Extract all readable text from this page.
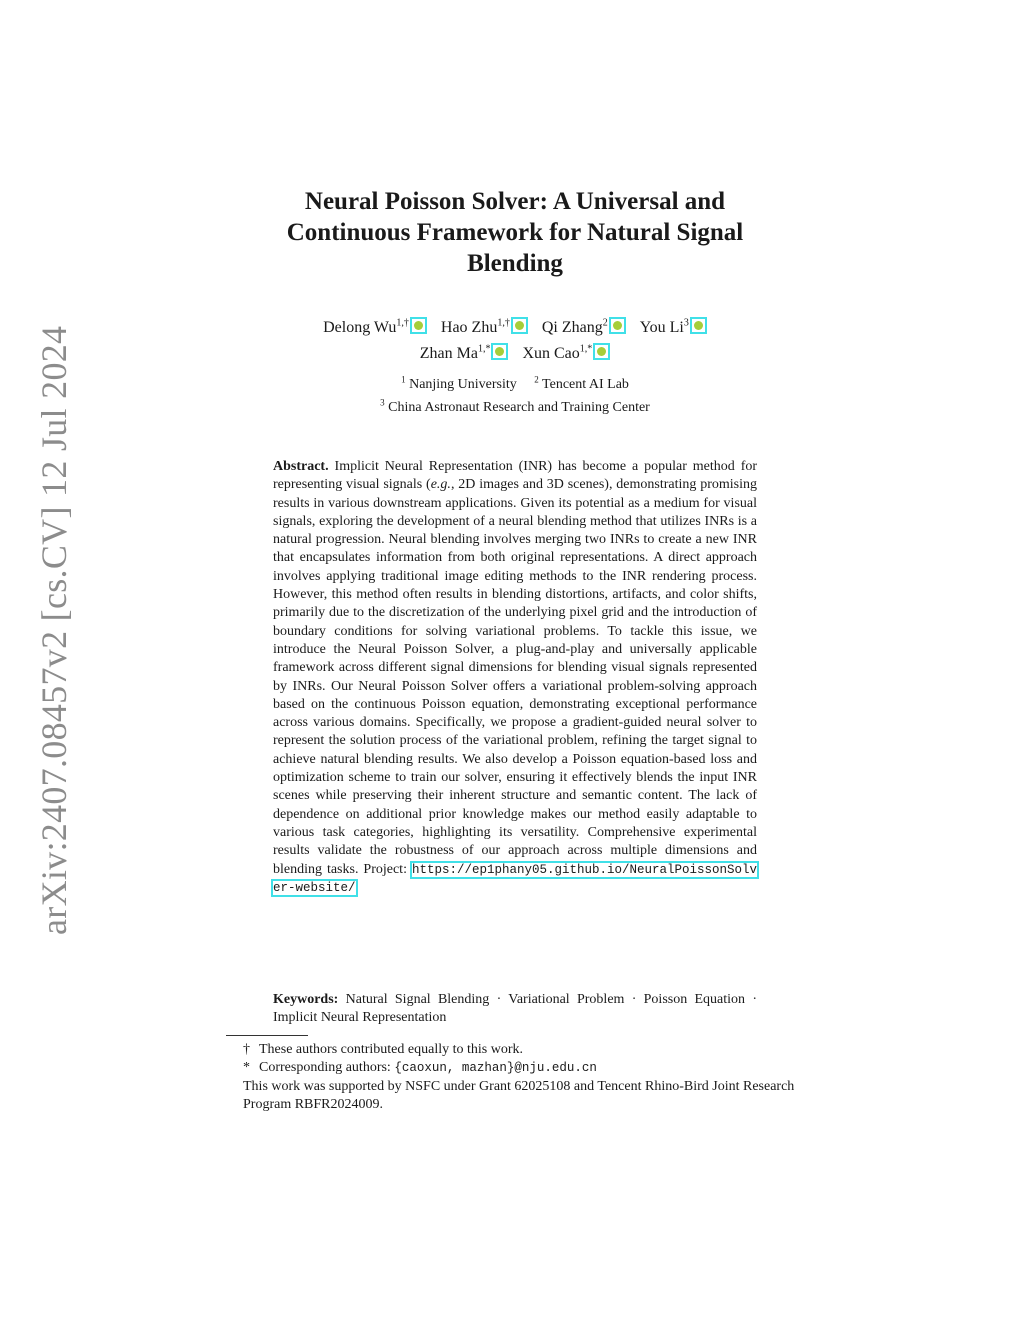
arXiv:2407.08457v2 [cs.CV] 12 Jul 2024
Neural Poisson Solver: A Universal and Continuous Framework for Natural Signal Blending
Delong $Wu^{1,\dagger}$ Hao Zhu$^{1,\dagger}$ Qi Zhang$^2$ You Li$^3$
Zhan $Ma^{1,*}$ Xun Cao$^{1,*}$
$^1$ Nanjing University $^2$ Tencent AI Lab
$^3$ China Astronaut Research and Training Center
Abstract. Implicit Neural Representation (INR) has become a popular method for representing visual signals (e.g., 2D images and 3D scenes), demonstrating promising results in various downstream applications. Given its potential as a medium for visual signals, exploring the development of a neural blending method that utilizes INRs is a natural progression. Neural blending involves merging two INRs to create a new INR that encapsulates information from both original representations. A direct approach involves applying traditional image editing methods to the INR rendering process. However, this method often results in blending distortions, artifacts, and color shifts, primarily due to the discretization of the underlying pixel grid and the introduction of boundary conditions for solving variational problems. To tackle this issue, we introduce the Neural Poisson Solver, a plug-and-play and universally applicable framework across different signal dimensions for blending visual signals represented by INRs. Our Neural Poisson Solver offers a variational problem-solving approach based on the continuous Poisson equation, demonstrating exceptional performance across various domains. Specifically, we propose a gradient-guided neural solver to represent the solution process of the variational problem, refining the target signal to achieve natural blending results. We also develop a Poisson equation-based loss and optimization scheme to train our solver, ensuring it effectively blends the input INR scenes while preserving their inherent structure and semantic content. The lack of dependence on additional prior knowledge makes our method easily adaptable to various task categories, highlighting its versatility. Comprehensive experimental results validate the robustness of our approach across multiple dimensions and blending tasks. Project: https://ep1phany05.github.io/NeuralPoissonSolver-website/
Keywords: Natural Signal Blending · Variational Problem · Poisson Equation · Implicit Neural Representation

† These authors contributed equally to this work.

* Corresponding authors: {caoxun, mazhan}@nju.edu.cn

This work was supported by NSFC under Grant 62025108 and Tencent Rhino-Bird Joint Research Program RBFR2024009.
